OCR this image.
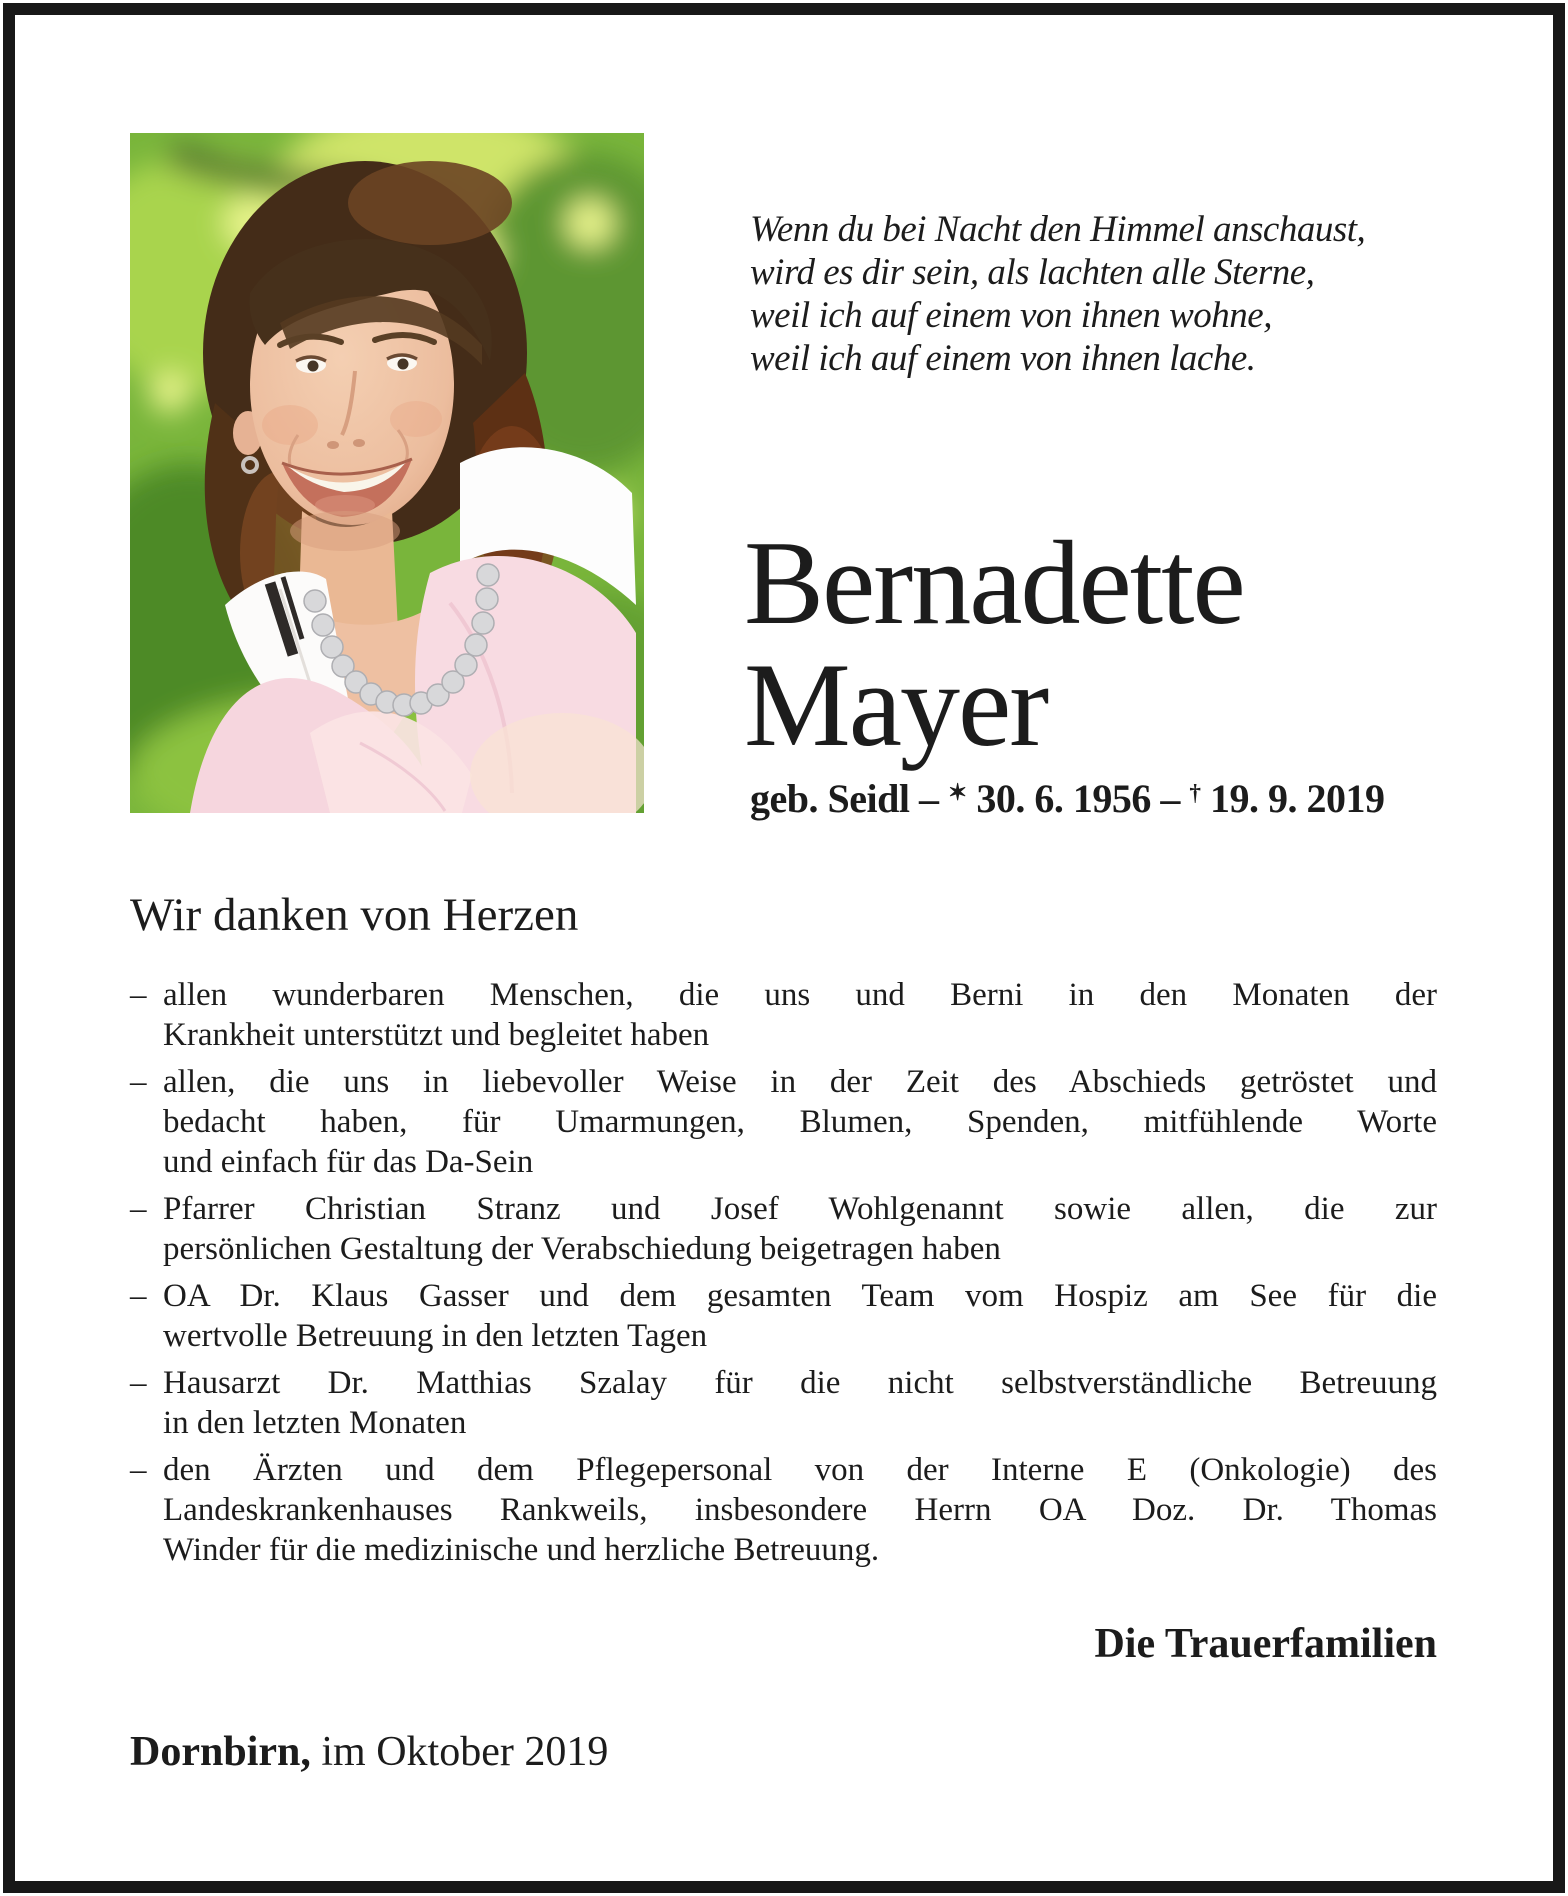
Wenn du bei Nacht den Himmel anschaust,
wird es dir sein, als lachten alle Sterne,
weil ich auf einem von ihnen wohne,
weil ich auf einem von ihnen lache.
Bernadette
Mayer
geb. Seidl – ✶ 30. 6. 1956 – † 19. 9. 2019
Wir danken von Herzen
– allen wunderbaren Menschen, die uns und Berni in den Monaten der
Krankheit unterstützt und begleitet haben
– allen, die uns in liebevoller Weise in der Zeit des Abschieds getröstet und
bedacht haben, für Umarmungen, Blumen, Spenden, mitfühlende Worte
und einfach für das Da-Sein
– Pfarrer Christian Stranz und Josef Wohlgenannt sowie allen, die zur
persönlichen Gestaltung der Verabschiedung beigetragen haben
– OA Dr. Klaus Gasser und dem gesamten Team vom Hospiz am See für die
wertvolle Betreuung in den letzten Tagen
– Hausarzt Dr. Matthias Szalay für die nicht selbstverständliche Betreuung
in den letzten Monaten
– den Ärzten und dem Pflegepersonal von der Interne E (Onkologie) des
Landeskrankenhauses Rankweils, insbesondere Herrn OA Doz. Dr. Thomas
Winder für die medizinische und herzliche Betreuung.
Die Trauerfamilien
Dornbirn, im Oktober 2019
